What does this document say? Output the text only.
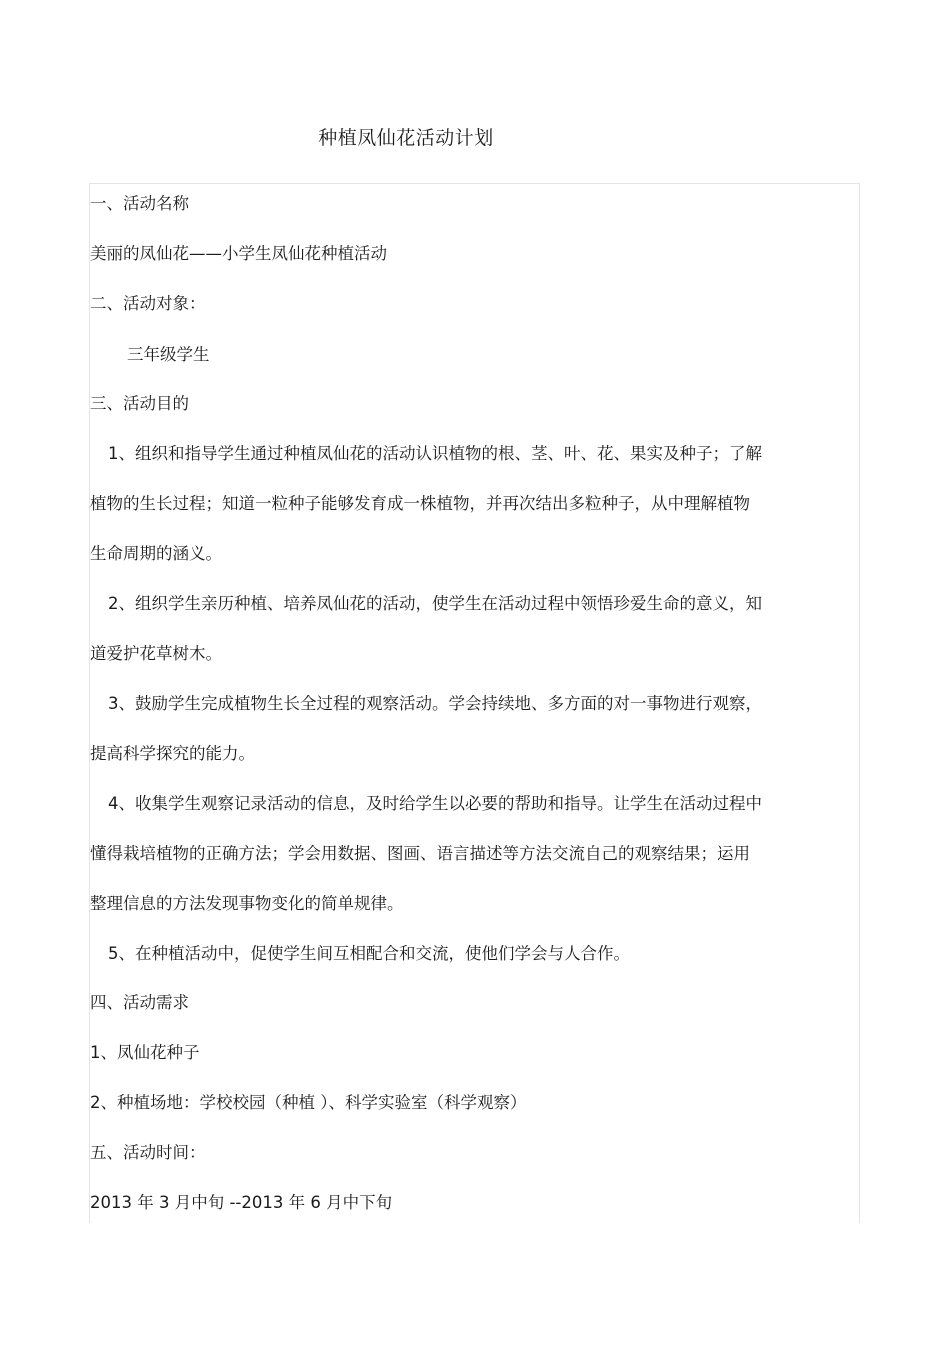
种植凤仙花活动计划
一、活动名称
美丽的凤仙花——小学生凤仙花种植活动
二、活动对象：
三年级学生
三、活动目的
1、组织和指导学生通过种植凤仙花的活动认识植物的根、茎、叶、花、果实及种子；了解
植物的生长过程；知道一粒种子能够发育成一株植物，并再次结出多粒种子，从中理解植物
生命周期的涵义。
2、组织学生亲历种植、培养凤仙花的活动，使学生在活动过程中领悟珍爱生命的意义，知
道爱护花草树木。
3、鼓励学生完成植物生长全过程的观察活动。学会持续地、多方面的对一事物进行观察，
提高科学探究的能力。
4、收集学生观察记录活动的信息，及时给学生以必要的帮助和指导。让学生在活动过程中
懂得栽培植物的正确方法；学会用数据、图画、语言描述等方法交流自己的观察结果；运用
整理信息的方法发现事物变化的简单规律。
5、在种植活动中，促使学生间互相配合和交流，使他们学会与人合作。
四、活动需求
1、凤仙花种子
2、种植场地：学校校园（种植 ）、科学实验室（科学观察）
五、活动时间：
2013 年 3 月中旬 --2013 年 6 月中下旬
